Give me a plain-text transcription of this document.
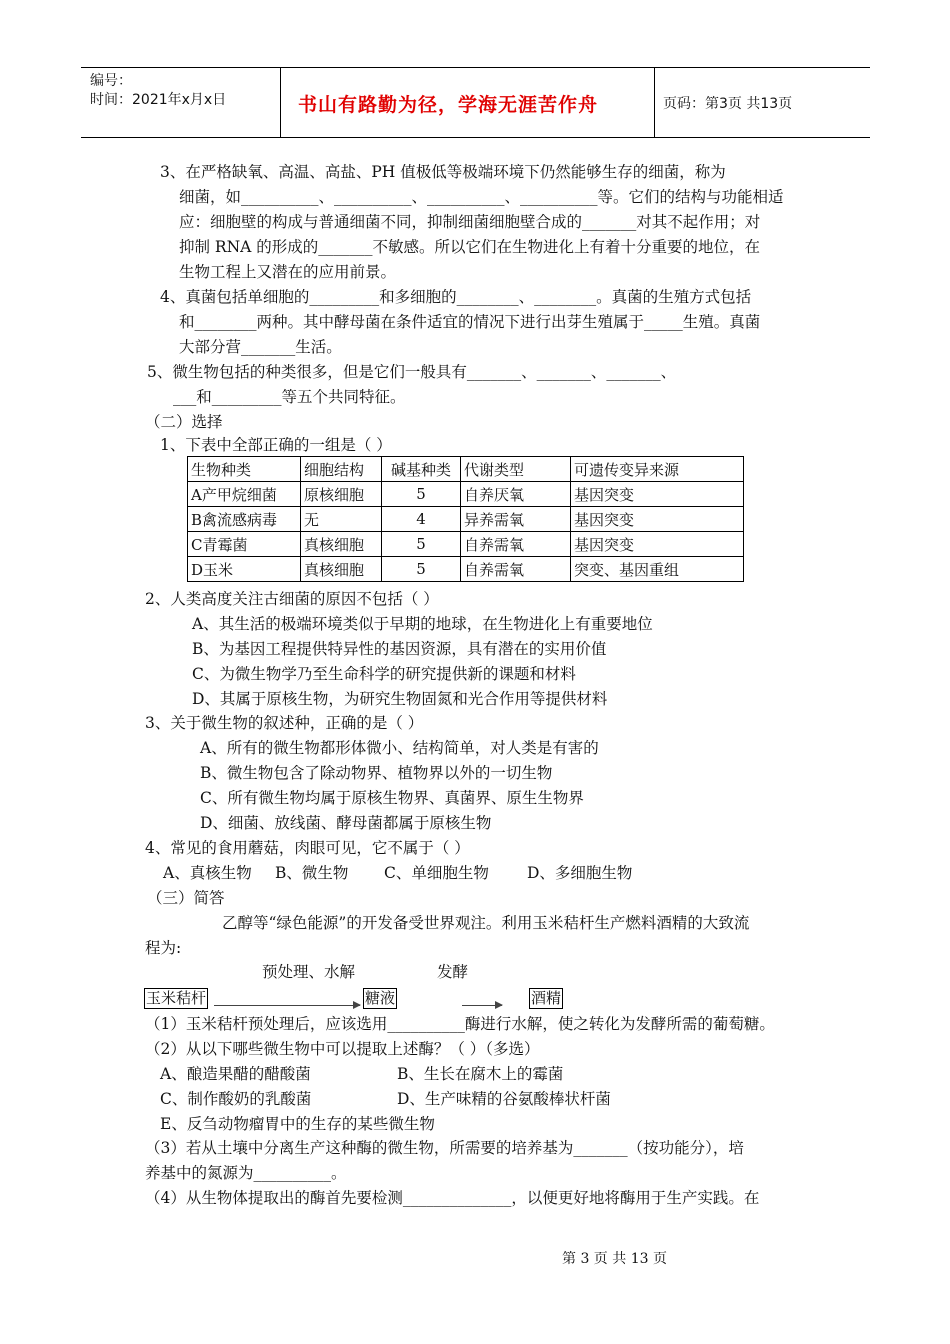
编号：
时间：2021年x月x日	书山有路勤为径，学海无涯苦作舟	页码：第3页 共13页
3、在严格缺氧、高温、高盐、PH 值极低等极端环境下仍然能够生存的细菌，称为
细菌，如__________、__________、__________、__________等。它们的结构与功能相适
应：细胞壁的构成与普通细菌不同，抑制细菌细胞壁合成的_______对其不起作用；对
抑制 RNA 的形成的_______不敏感。所以它们在生物进化上有着十分重要的地位，在
生物工程上又潜在的应用前景。
4、真菌包括单细胞的_________和多细胞的________、________。真菌的生殖方式包括
和________两种。其中酵母菌在条件适宜的情况下进行出芽生殖属于_____生殖。真菌
大部分营_______生活。
5、微生物包括的种类很多，但是它们一般具有_______、_______、_______、
___和_________等五个共同特征。
（二）选择
1、下表中全部正确的一组是（ ）
生物种类	细胞结构	碱基种类	代谢类型	可遗传变异来源
A产甲烷细菌	原核细胞	5	自养厌氧	基因突变
B禽流感病毒	无	4	异养需氧	基因突变
C青霉菌	真核细胞	5	自养需氧	基因突变
D玉米	真核细胞	5	自养需氧	突变、基因重组
2、人类高度关注古细菌的原因不包括（ ）
A、其生活的极端环境类似于早期的地球，在生物进化上有重要地位
B、为基因工程提供特异性的基因资源，具有潜在的实用价值
C、为微生物学乃至生命科学的研究提供新的课题和材料
D、其属于原核生物，为研究生物固氮和光合作用等提供材料
3、关于微生物的叙述种，正确的是（ ）
A、所有的微生物都形体微小、结构简单，对人类是有害的
B、微生物包含了除动物界、植物界以外的一切生物
C、所有微生物均属于原核生物界、真菌界、原生生物界
D、细菌、放线菌、酵母菌都属于原核生物
4、常见的食用蘑菇，肉眼可见，它不属于（ ）
A、真核生物 B、微生物 C、单细胞生物 D、多细胞生物
（三）简答
乙醇等“绿色能源”的开发备受世界观注。利用玉米秸杆生产燃料酒精的大致流
程为:
预处理、水解	发酵
玉米秸杆	糖液	酒精
（1）玉米秸杆预处理后，应该选用__________酶进行水解，使之转化为发酵所需的葡萄糖。
（2）从以下哪些微生物中可以提取上述酶？（ ）（多选）
A、酿造果醋的醋酸菌	B、生长在腐木上的霉菌
C、制作酸奶的乳酸菌	D、生产味精的谷氨酸棒状杆菌
E、反刍动物瘤胃中的生存的某些微生物
（3）若从土壤中分离生产这种酶的微生物，所需要的培养基为_______（按功能分），培
养基中的氮源为__________。
（4）从生物体提取出的酶首先要检测______________，以便更好地将酶用于生产实践。在
第 3 页 共 13 页
